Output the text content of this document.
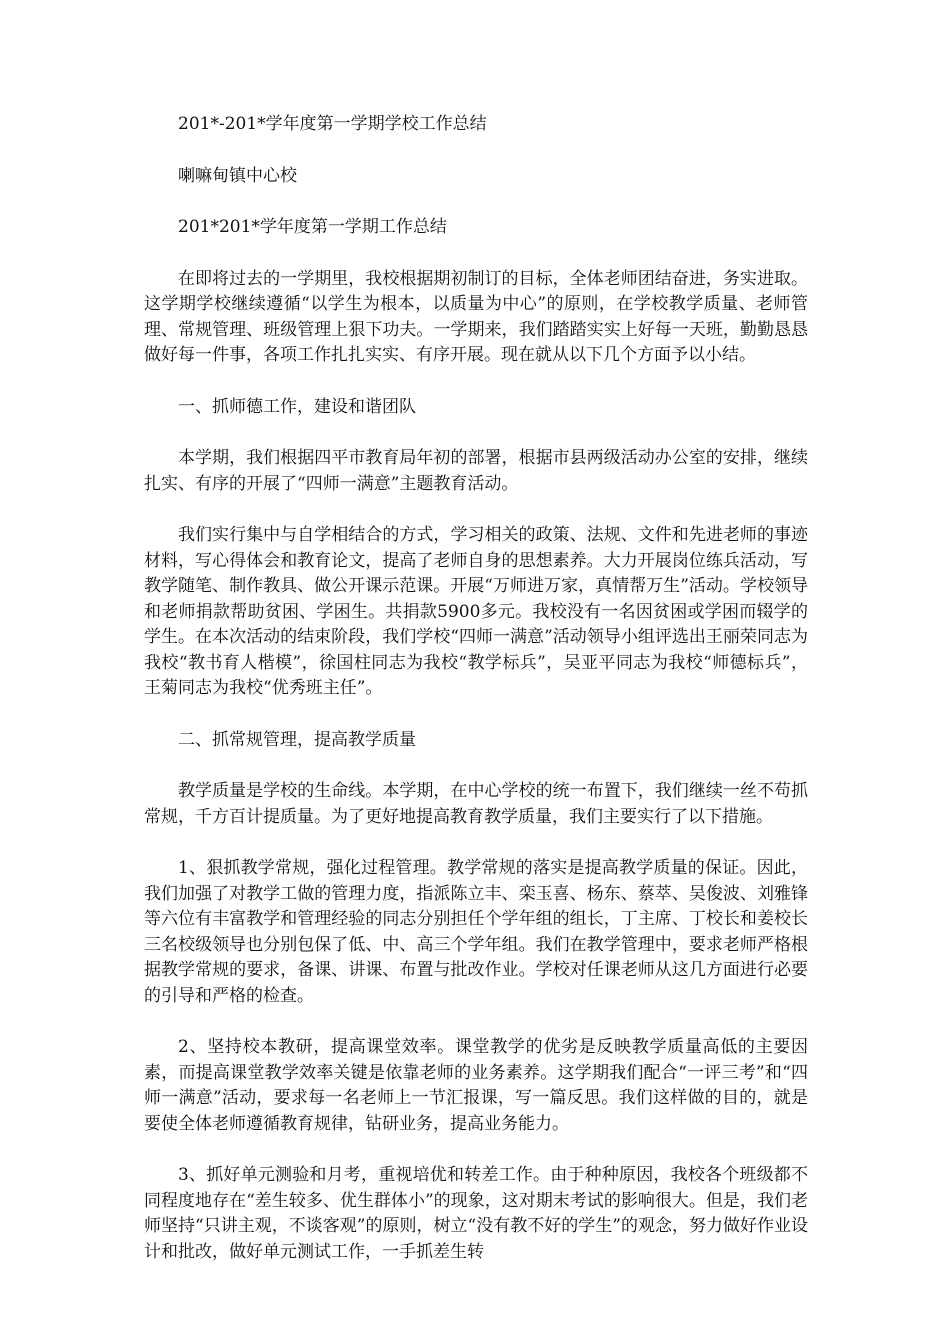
201*-201*学年度第一学期学校工作总结

喇嘛甸镇中心校

201*201*学年度第一学期工作总结

在即将过去的一学期里，我校根据期初制订的目标，全体老师团结奋进，务实进取。这学期学校继续遵循“以学生为根本，以质量为中心”的原则，在学校教学质量、老师管理、常规管理、班级管理上狠下功夫。一学期来，我们踏踏实实上好每一天班，勤勤恳恳做好每一件事，各项工作扎扎实实、有序开展。现在就从以下几个方面予以小结。

一、抓师德工作，建设和谐团队

本学期，我们根据四平市教育局年初的部署，根据市县两级活动办公室的安排，继续扎实、有序的开展了“四师一满意”主题教育活动。

我们实行集中与自学相结合的方式，学习相关的政策、法规、文件和先进老师的事迹材料，写心得体会和教育论文，提高了老师自身的思想素养。大力开展岗位练兵活动，写教学随笔、制作教具、做公开课示范课。开展“万师进万家，真情帮万生”活动。学校领导和老师捐款帮助贫困、学困生。共捐款5900多元。我校没有一名因贫困或学困而辍学的学生。在本次活动的结束阶段，我们学校“四师一满意”活动领导小组评选出王丽荣同志为我校“教书育人楷模”，徐国柱同志为我校“教学标兵”，吴亚平同志为我校“师德标兵”，王菊同志为我校“优秀班主任”。

二、抓常规管理，提高教学质量

教学质量是学校的生命线。本学期，在中心学校的统一布置下，我们继续一丝不苟抓常规，千方百计提质量。为了更好地提高教育教学质量，我们主要实行了以下措施。

1、狠抓教学常规，强化过程管理。教学常规的落实是提高教学质量的保证。因此，我们加强了对教学工做的管理力度，指派陈立丰、栾玉喜、杨东、蔡萃、吴俊波、刘雅锋等六位有丰富教学和管理经验的同志分别担任个学年组的组长，丁主席、丁校长和姜校长三名校级领导也分别包保了低、中、高三个学年组。我们在教学管理中，要求老师严格根据教学常规的要求，备课、讲课、布置与批改作业。学校对任课老师从这几方面进行必要的引导和严格的检查。

2、坚持校本教研，提高课堂效率。课堂教学的优劣是反映教学质量高低的主要因素，而提高课堂教学效率关键是依靠老师的业务素养。这学期我们配合“一评三考”和“四师一满意”活动，要求每一名老师上一节汇报课，写一篇反思。我们这样做的目的，就是要使全体老师遵循教育规律，钻研业务，提高业务能力。

3、抓好单元测验和月考，重视培优和转差工作。由于种种原因，我校各个班级都不同程度地存在“差生较多、优生群体小”的现象，这对期末考试的影响很大。但是，我们老师坚持“只讲主观，不谈客观”的原则，树立“没有教不好的学生”的观念，努力做好作业设计和批改，做好单元测试工作，一手抓差生转
